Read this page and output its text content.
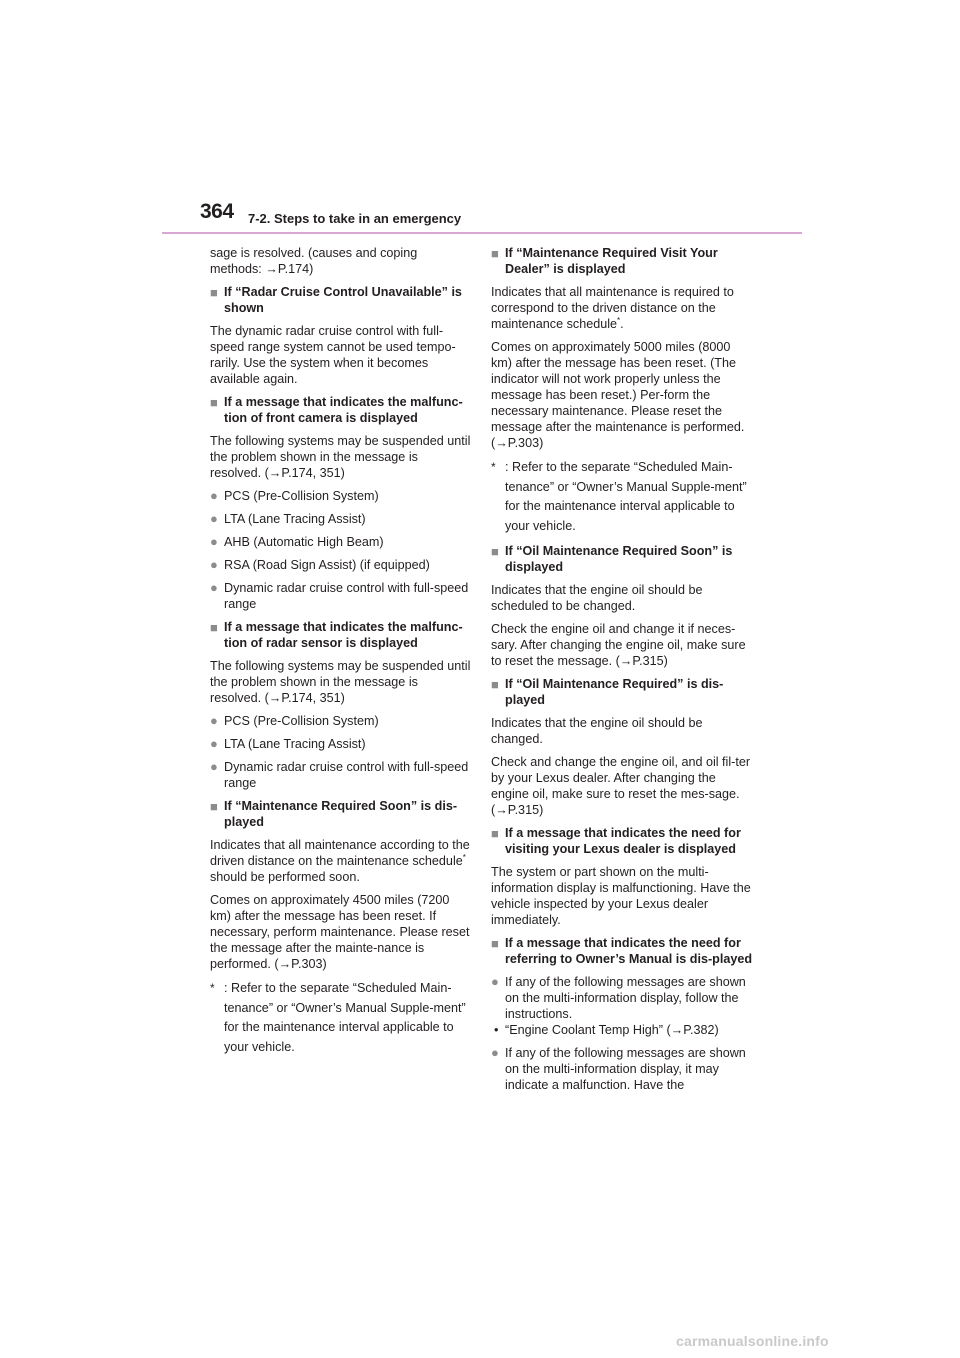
364 7-2. Steps to take in an emergency

sage is resolved. (causes and coping methods: →P.174)

■ If “Radar Cruise Control Unavailable” is shown

The dynamic radar cruise control with full-speed range system cannot be used tempo-rarily. Use the system when it becomes available again.

■ If a message that indicates the malfunc-tion of front camera is displayed

The following systems may be suspended until the problem shown in the message is resolved. (→P.174, 351)

● PCS (Pre-Collision System)

● LTA (Lane Tracing Assist)

● AHB (Automatic High Beam)

● RSA (Road Sign Assist) (if equipped)

● Dynamic radar cruise control with full-speed range

■ If a message that indicates the malfunc-tion of radar sensor is displayed

The following systems may be suspended until the problem shown in the message is resolved. (→P.174, 351)

● PCS (Pre-Collision System)

● LTA (Lane Tracing Assist)

● Dynamic radar cruise control with full-speed range

■ If “Maintenance Required Soon” is dis-played

Indicates that all maintenance according to the driven distance on the maintenance schedule* should be performed soon.

Comes on approximately 4500 miles (7200 km) after the message has been reset. If necessary, perform maintenance. Please reset the message after the mainte-nance is performed. (→P.303)

* : Refer to the separate “Scheduled Main-tenance” or “Owner’s Manual Supple-ment” for the maintenance interval applicable to your vehicle.

■ If “Maintenance Required Visit Your Dealer” is displayed

Indicates that all maintenance is required to correspond to the driven distance on the maintenance schedule*.

Comes on approximately 5000 miles (8000 km) after the message has been reset. (The indicator will not work properly unless the message has been reset.) Per-form the necessary maintenance. Please reset the message after the maintenance is performed. (→P.303)

* : Refer to the separate “Scheduled Main-tenance” or “Owner’s Manual Supple-ment” for the maintenance interval applicable to your vehicle.

■ If “Oil Maintenance Required Soon” is displayed

Indicates that the engine oil should be scheduled to be changed.

Check the engine oil and change it if neces-sary. After changing the engine oil, make sure to reset the message. (→P.315)

■ If “Oil Maintenance Required” is dis-played

Indicates that the engine oil should be changed.

Check and change the engine oil, and oil fil-ter by your Lexus dealer. After changing the engine oil, make sure to reset the mes-sage. (→P.315)

■ If a message that indicates the need for visiting your Lexus dealer is displayed

The system or part shown on the multi-information display is malfunctioning. Have the vehicle inspected by your Lexus dealer immediately.

■ If a message that indicates the need for referring to Owner’s Manual is dis-played

● If any of the following messages are shown on the multi-information display, follow the instructions.

• “Engine Coolant Temp High” (→P.382)

● If any of the following messages are shown on the multi-information display, it may indicate a malfunction. Have the

carmanualsonline.info
